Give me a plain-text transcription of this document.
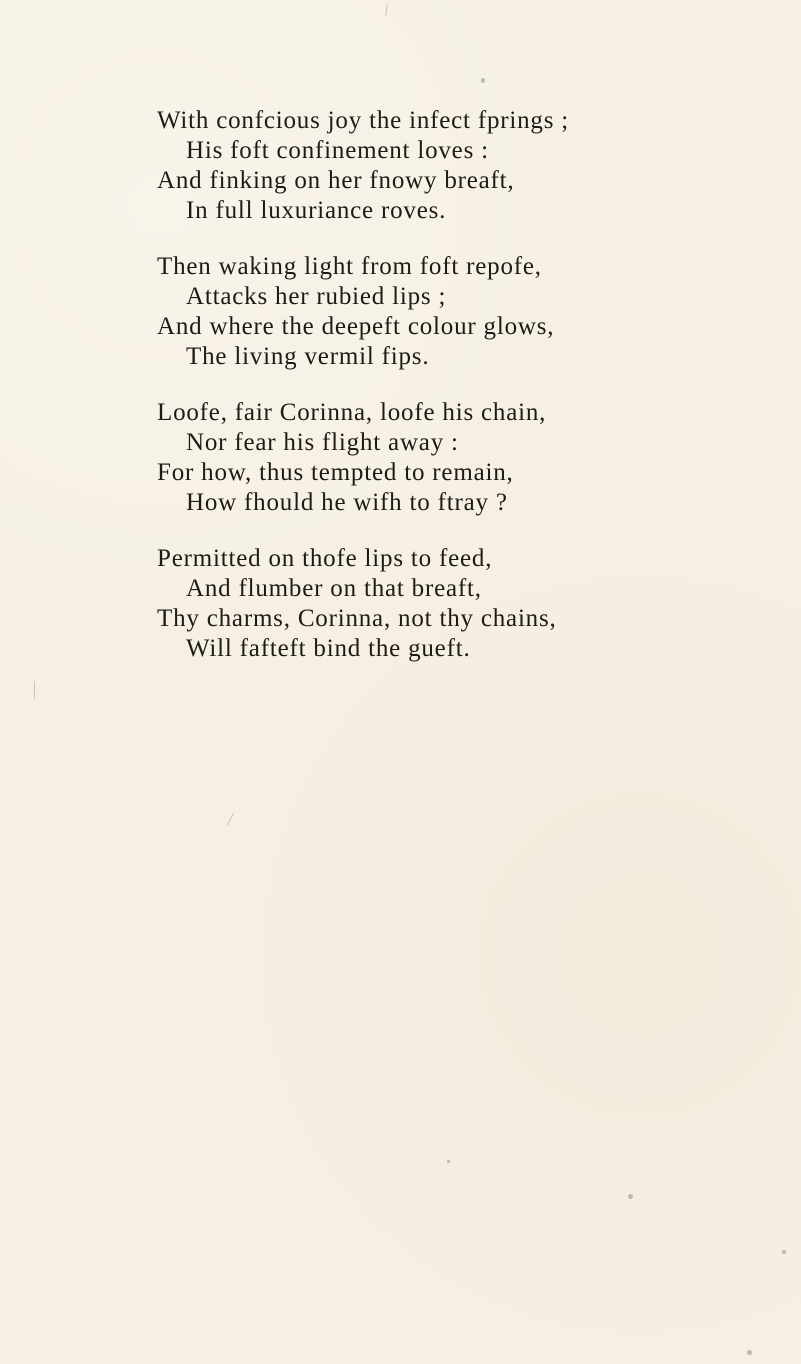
With confcious joy the infect fprings ;
His foft confinement loves :
And finking on her fnowy breaft,
In full luxuriance roves.
Then waking light from foft repofe,
Attacks her rubied lips ;
And where the deepeft colour glows,
The living vermil fips.
Loofe, fair Corinna, loofe his chain,
Nor fear his flight away :
For how, thus tempted to remain,
How fhould he wifh to ftray ?
Permitted on thofe lips to feed,
And flumber on that breaft,
Thy charms, Corinna, not thy chains,
Will fafteft bind the gueft.
